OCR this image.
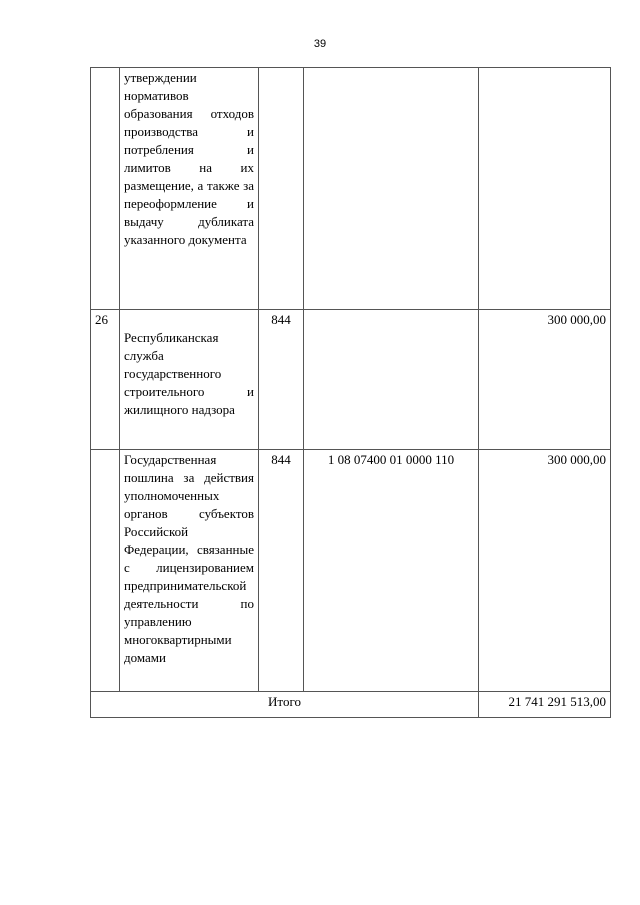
39
	утверждении нормативов образования отходов производства и потребления и лимитов на их размещение, а также за переоформление и выдачу дубликата указанного документа			
26	Республиканская служба государственного строительного и жилищного надзора	844		300 000,00
	Государственная пошлина за действия уполномоченных органов субъектов Российской Федерации, связанные с лицензированием предпринимательской деятельности по управлению многоквартирными домами	844	1 08 07400 01 0000 110	300 000,00
Итого				21 741 291 513,00
